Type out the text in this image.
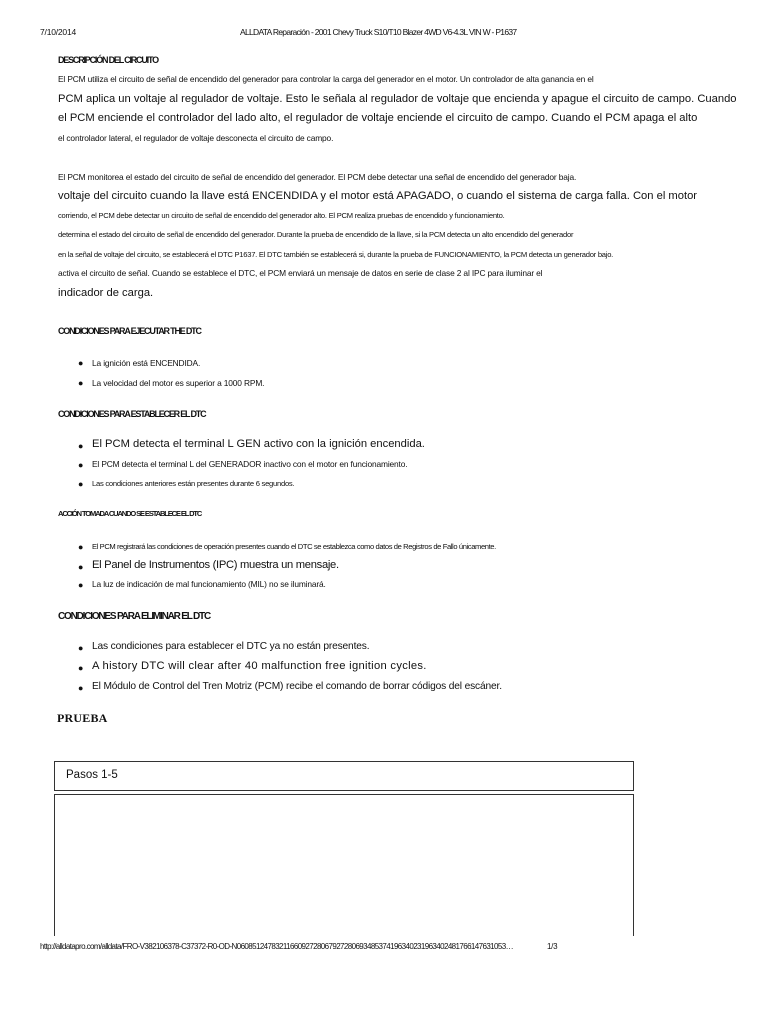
7/10/2014	ALLDATA Reparación - 2001 Chevy Truck S10/T10 Blazer 4WD V6-4.3L VIN W - P1637
DESCRIPCIÓN DEL CIRCUITO
El PCM utiliza el circuito de señal de encendido del generador para controlar la carga del generador en el motor. Un controlador de alta ganancia en el
PCM aplica un voltaje al regulador de voltaje. Esto le señala al regulador de voltaje que encienda y apague el circuito de campo. Cuando
el PCM enciende el controlador del lado alto, el regulador de voltaje enciende el circuito de campo. Cuando el PCM apaga el alto
el controlador lateral, el regulador de voltaje desconecta el circuito de campo.
El PCM monitorea el estado del circuito de señal de encendido del generador. El PCM debe detectar una señal de encendido del generador baja.
voltaje del circuito cuando la llave está ENCENDIDA y el motor está APAGADO, o cuando el sistema de carga falla. Con el motor
corriendo, el PCM debe detectar un circuito de señal de encendido del generador alto. El PCM realiza pruebas de encendido y funcionamiento.
determina el estado del circuito de señal de encendido del generador. Durante la prueba de encendido de la llave, si la PCM detecta un alto encendido del generador
en la señal de voltaje del circuito, se establecerá el DTC P1637. El DTC también se establecerá si, durante la prueba de FUNCIONAMIENTO, la PCM detecta un generador bajo.
activa el circuito de señal. Cuando se establece el DTC, el PCM enviará un mensaje de datos en serie de clase 2 al IPC para iluminar el
indicador de carga.
CONDICIONES PARA EJECUTAR THE DTC
● La ignición está ENCENDIDA.
● La velocidad del motor es superior a 1000 RPM.
CONDICIONES PARA ESTABLECER EL DTC
● El PCM detecta el terminal L GEN activo con la ignición encendida.
● El PCM detecta el terminal L del GENERADOR inactivo con el motor en funcionamiento.
● Las condiciones anteriores están presentes durante 6 segundos.
ACCIÓN TOMADA CUANDO SE ESTABLECE EL DTC
● El PCM registrará las condiciones de operación presentes cuando el DTC se establezca como datos de Registros de Fallo únicamente.
● El Panel de Instrumentos (IPC) muestra un mensaje.
● La luz de indicación de mal funcionamiento (MIL) no se iluminará.
CONDICIONES PARA ELIMINAR EL DTC
● Las condiciones para establecer el DTC ya no están presentes.
● A history DTC will clear after 40 malfunction free ignition cycles.
● El Módulo de Control del Tren Motriz (PCM) recibe el comando de borrar códigos del escáner.
PRUEBA
Pasos 1-5
http://alldatapro.com/alldata/FRO-V382106378-C37372-R0-OD-N0608512478321166092728067927280693485374196340231963402481766147631053…	1/3
